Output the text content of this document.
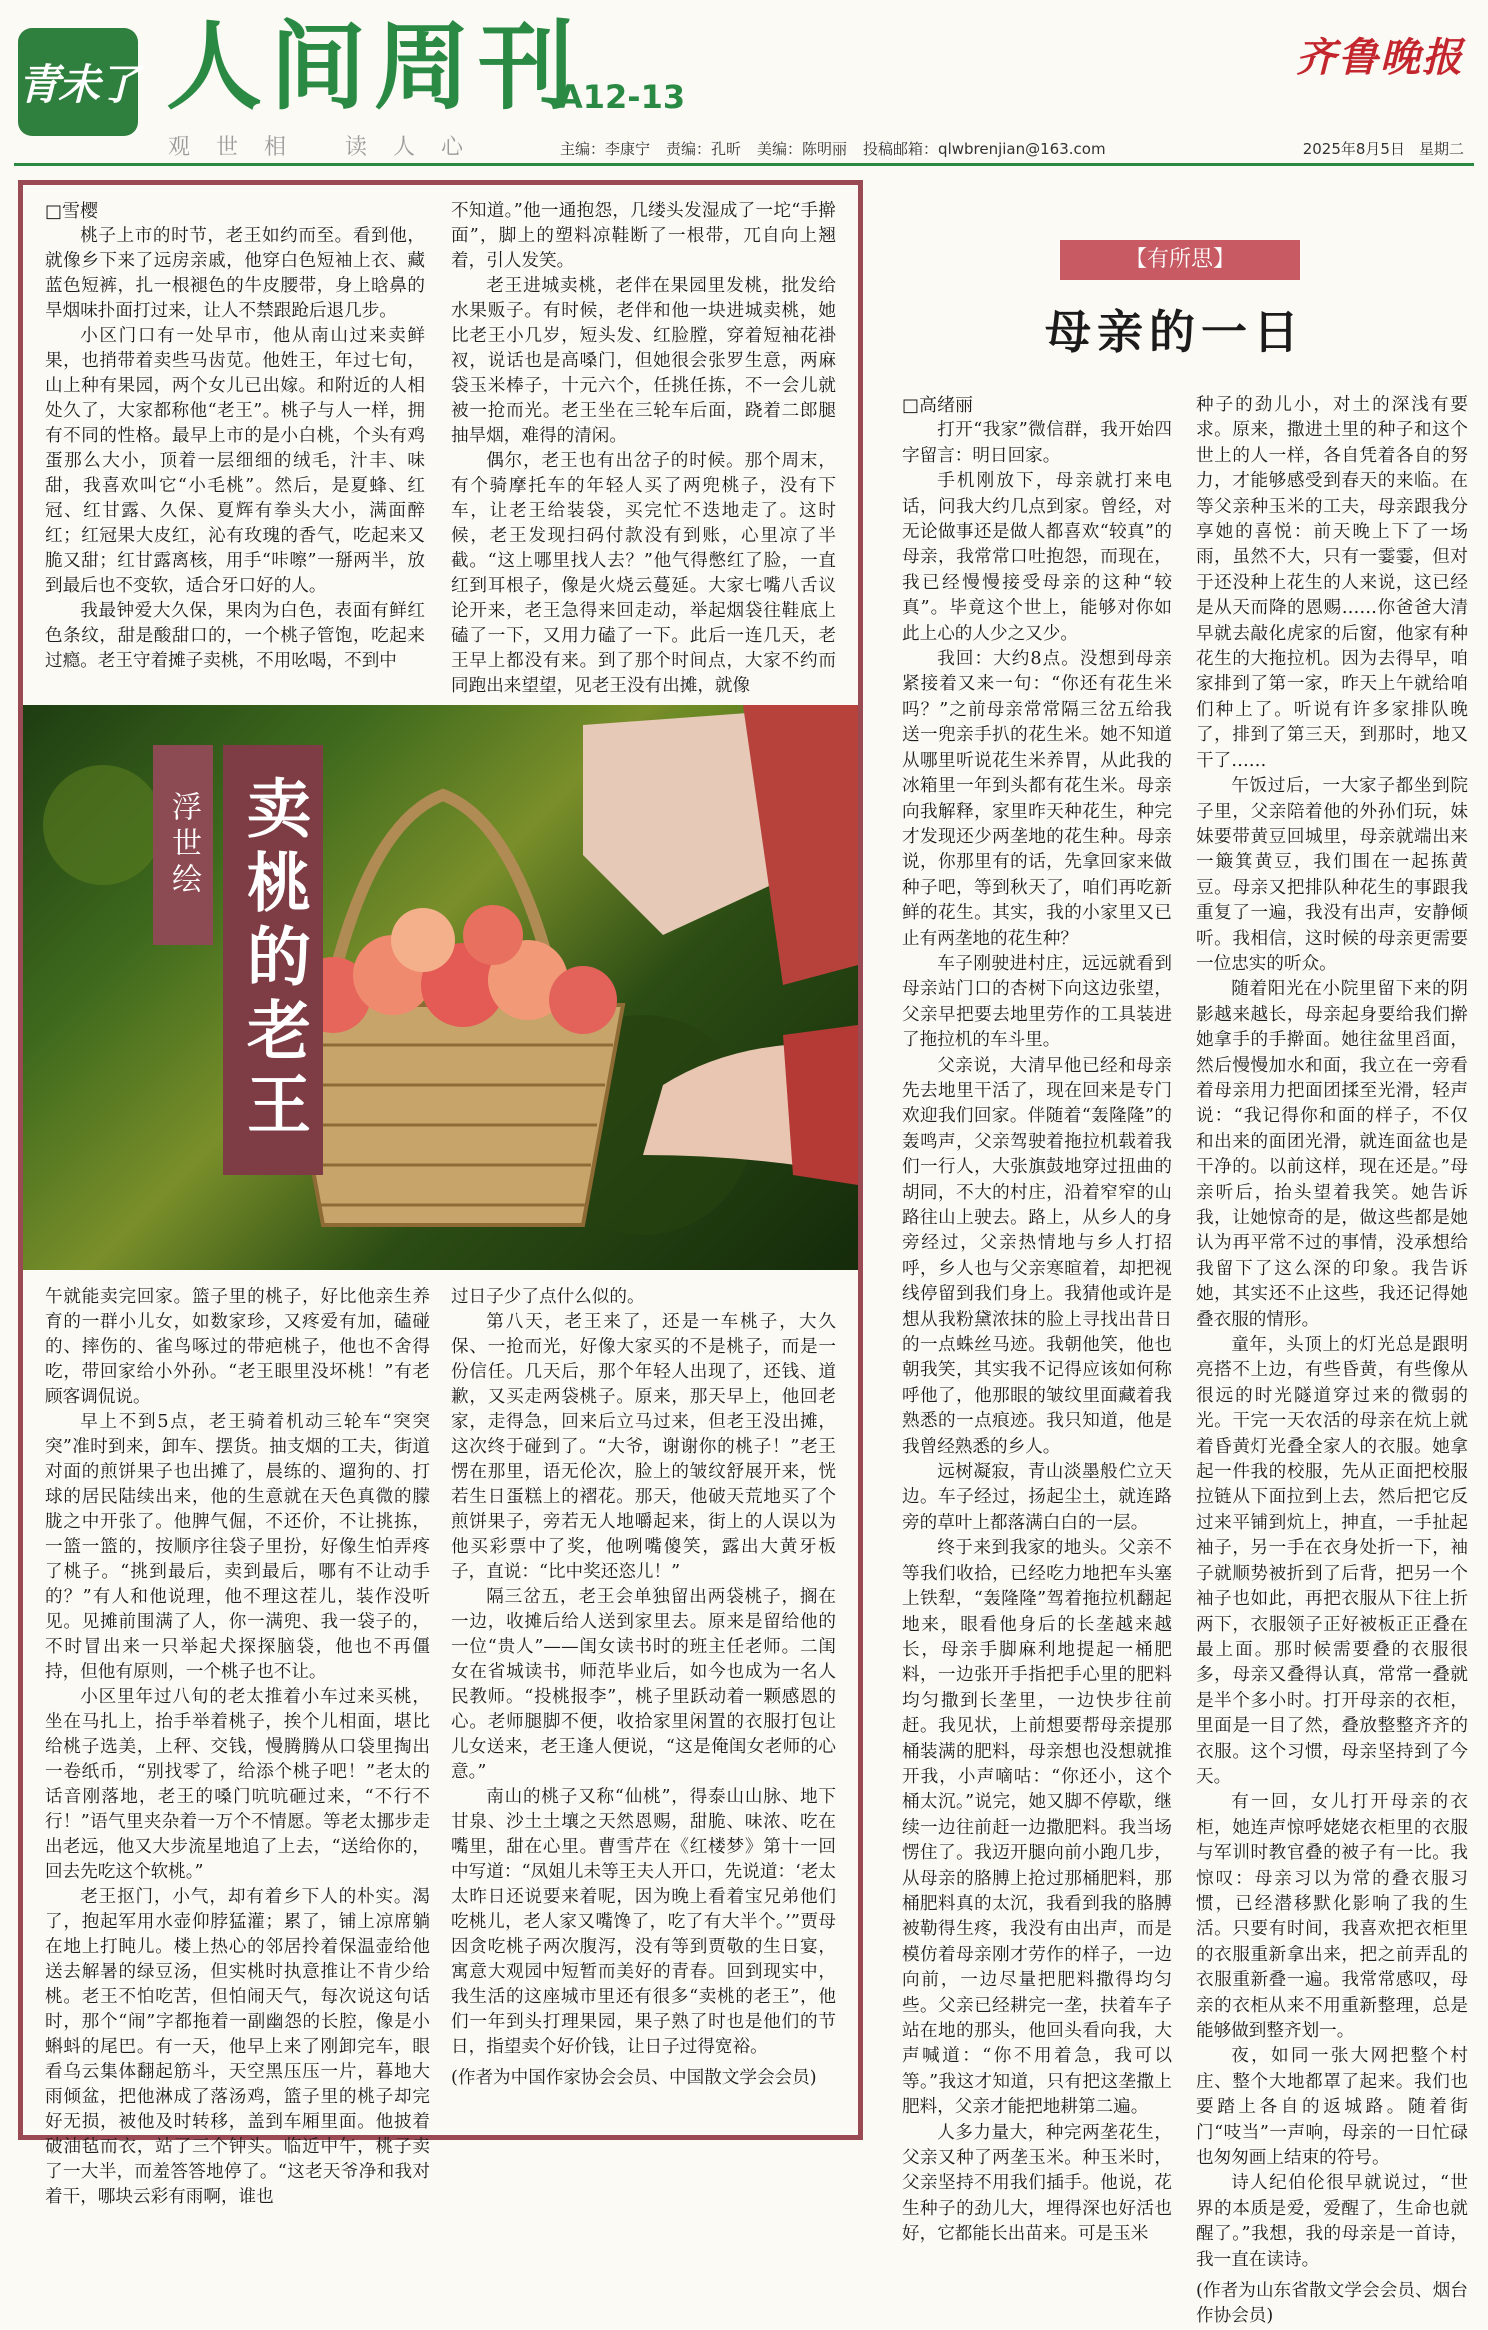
青未了 人间周刊
A12-13
观世相 读人心	主编：李康宁 责编：孔昕 美编：陈明丽 投稿邮箱：qlwbrenjian@163.com
齐鲁晚报
2025年8月5日 星期二

□雪樱

桃子上市的时节，老王如约而至。看到他，就像乡下来了远房亲戚，他穿白色短袖上衣、藏蓝色短裤，扎一根褪色的牛皮腰带，身上晗鼻的旱烟味扑面打过来，让人不禁跟跄后退几步。

小区门口有一处早市，他从南山过来卖鲜果，也捎带着卖些马齿苋。他姓王，年过七旬，山上种有果园，两个女儿已出嫁。和附近的人相处久了，大家都称他“老王”。桃子与人一样，拥有不同的性格。最早上市的是小白桃，个头有鸡蛋那么大小，顶着一层细细的绒毛，汁丰、味甜，我喜欢叫它“小毛桃”。然后，是夏蜂、红冠、红甘露、久保、夏辉有拳头大小，满面醉红；红冠果大皮红，沁有玫瑰的香气，吃起来又脆又甜；红甘露离核，用手“咔嚓”一掰两半，放到最后也不变软，适合牙口好的人。

我最钟爱大久保，果肉为白色，表面有鲜红色条纹，甜是酸甜口的，一个桃子管饱，吃起来过瘾。老王守着摊子卖桃，不用吆喝，不到中

不知道。”他一通抱怨，几缕头发湿成了一坨“手擀面”，脚上的塑料凉鞋断了一根带，兀自向上翘着，引人发笑。

老王进城卖桃，老伴在果园里发桃，批发给水果贩子。有时候，老伴和他一块进城卖桃，她比老王小几岁，短头发、红脸膛，穿着短袖花褂衩，说话也是高嗓门，但她很会张罗生意，两麻袋玉米棒子，十元六个，任挑任拣，不一会儿就被一抢而光。老王坐在三轮车后面，跷着二郎腿抽旱烟，难得的清闲。

偶尔，老王也有出岔子的时候。那个周末，有个骑摩托车的年轻人买了两兜桃子，没有下车，让老王给装袋，买完忙不迭地走了。这时候，老王发现扫码付款没有到账，心里凉了半截。“这上哪里找人去？”他气得憋红了脸，一直红到耳根子，像是火烧云蔓延。大家七嘴八舌议论开来，老王急得来回走动，举起烟袋往鞋底上磕了一下，又用力磕了一下。此后一连几天，老王早上都没有来。到了那个时间点，大家不约而同跑出来望望，见老王没有出摊，就像

浮世绘 卖桃的老王

午就能卖完回家。篮子里的桃子，好比他亲生养育的一群小儿女，如数家珍，又疼爱有加，磕碰的、摔伤的、雀鸟啄过的带疤桃子，他也不舍得吃，带回家给小外孙。“老王眼里没坏桃！”有老顾客调侃说。

早上不到5点，老王骑着机动三轮车“突突突”准时到来，卸车、摆货。抽支烟的工夫，街道对面的煎饼果子也出摊了，晨练的、遛狗的、打球的居民陆续出来，他的生意就在天色真微的朦胧之中开张了。他脾气倔，不还价，不让挑拣，一篮一篮的，按顺序往袋子里扮，好像生怕弄疼了桃子。“挑到最后，卖到最后，哪有不让动手的？”有人和他说理，他不理这茬儿，装作没听见。见摊前围满了人，你一满兜、我一袋子的，不时冒出来一只举起犬探探脑袋，他也不再僵持，但他有原则，一个桃子也不让。

小区里年过八旬的老太推着小车过来买桃，坐在马扎上，抬手举着桃子，挨个儿相面，堪比给桃子选美，上秤、交钱，慢腾腾从口袋里掏出一卷纸币，“别找零了，给添个桃子吧！”老太的话音刚落地，老王的嗓门吭吭砸过来，“不行不行！”语气里夹杂着一万个不情愿。等老太挪步走出老远，他又大步流星地追了上去，“送给你的，回去先吃这个软桃。”

老王抠门，小气，却有着乡下人的朴实。渴了，抱起军用水壶仰脖猛灌；累了，铺上凉席躺在地上打盹儿。楼上热心的邻居拎着保温壶给他送去解暑的绿豆汤，但实桃时执意推让不肯少给桃。老王不怕吃苦，但怕闹天气，每次说这句话时，那个“闹”字都拖着一副幽怨的长腔，像是小蝌蚪的尾巴。有一天，他早上来了刚卸完车，眼看乌云集体翻起筋斗，天空黑压压一片，暮地大雨倾盆，把他淋成了落汤鸡，篮子里的桃子却完好无损，被他及时转移，盖到车厢里面。他披着破油毡而衣，站了三个钟头。临近中午，桃子卖了一大半，而羞答答地停了。“这老天爷净和我对着干，哪块云彩有雨啊，谁也

过日子少了点什么似的。

第八天，老王来了，还是一车桃子，大久保、一抢而光，好像大家买的不是桃子，而是一份信任。几天后，那个年轻人出现了，还钱、道歉，又买走两袋桃子。原来，那天早上，他回老家，走得急，回来后立马过来，但老王没出摊，这次终于碰到了。“大爷，谢谢你的桃子！”老王愣在那里，语无伦次，脸上的皱纹舒展开来，恍若生日蛋糕上的褶花。那天，他破天荒地买了个煎饼果子，旁若无人地嚼起来，街上的人误以为他买彩票中了奖，他咧嘴傻笑，露出大黄牙板子，直说：“比中奖还恣儿！”

隔三岔五，老王会单独留出两袋桃子，搁在一边，收摊后给人送到家里去。原来是留给他的一位“贵人”——闺女读书时的班主任老师。二闺女在省城读书，师范毕业后，如今也成为一名人民教师。“投桃报李”，桃子里跃动着一颗感恩的心。老师腿脚不便，收拾家里闲置的衣服打包让儿女送来，老王逢人便说，“这是俺闺女老师的心意。”

南山的桃子又称“仙桃”，得泰山山脉、地下甘泉、沙土土壤之天然恩赐，甜脆、味浓、吃在嘴里，甜在心里。曹雪芹在《红楼梦》第十一回中写道：“凤姐儿未等王夫人开口，先说道：‘老太太昨日还说要来着呢，因为晚上看着宝兄弟他们吃桃儿，老人家又嘴馋了，吃了有大半个。’”贾母因贪吃桃子两次腹泻，没有等到贾敬的生日宴，寓意大观园中短暂而美好的青春。回到现实中，我生活的这座城市里还有很多“卖桃的老王”，他们一年到头打理果园，果子熟了时也是他们的节日，指望卖个好价钱，让日子过得宽裕。

(作者为中国作家协会会员、中国散文学会会员)

【有所思】
母亲的一日

□高绪丽

打开“我家”微信群，我开始四字留言：明日回家。

手机刚放下，母亲就打来电话，问我大约几点到家。曾经，对无论做事还是做人都喜欢“较真”的母亲，我常常口吐抱怨，而现在，我已经慢慢接受母亲的这种“较真”。毕竟这个世上，能够对你如此上心的人少之又少。

我回：大约8点。没想到母亲紧接着又来一句：“你还有花生米吗？”之前母亲常常隔三岔五给我送一兜亲手扒的花生米。她不知道从哪里听说花生米养胃，从此我的冰箱里一年到头都有花生米。母亲向我解释，家里昨天种花生，种完才发现还少两垄地的花生种。母亲说，你那里有的话，先拿回家来做种子吧，等到秋天了，咱们再吃新鲜的花生。其实，我的小家里又已止有两垄地的花生种？

车子刚驶进村庄，远远就看到母亲站门口的杏树下向这边张望，父亲早把要去地里劳作的工具装进了拖拉机的车斗里。

父亲说，大清早他已经和母亲先去地里干活了，现在回来是专门欢迎我们回家。伴随着“轰隆隆”的轰鸣声，父亲驾驶着拖拉机载着我们一行人，大张旗鼓地穿过扭曲的胡同，不大的村庄，沿着窄窄的山路往山上驶去。路上，从乡人的身旁经过，父亲热情地与乡人打招呼，乡人也与父亲寒暄着，却把视线停留到我们身上。我猜他或许是想从我粉黛浓抹的脸上寻找出昔日的一点蛛丝马迹。我朝他笑，他也朝我笑，其实我不记得应该如何称呼他了，他那眼的皱纹里面藏着我熟悉的一点痕迹。我只知道，他是我曾经熟悉的乡人。

远树凝寂，青山淡墨般伫立天边。车子经过，扬起尘土，就连路旁的草叶上都落满白白的一层。

终于来到我家的地头。父亲不等我们收拾，已经吃力地把车头塞上铁犁，“轰隆隆”驾着拖拉机翻起地来，眼看他身后的长垄越来越长，母亲手脚麻利地提起一桶肥料，一边张开手指把手心里的肥料均匀撒到长垄里，一边快步往前赶。我见状，上前想要帮母亲提那桶装满的肥料，母亲想也没想就推开我，小声嘀咕：“你还小，这个桶太沉。”说完，她又脚不停歇，继续一边往前赶一边撒肥料。我当场愣住了。我迈开腿向前小跑几步，从母亲的胳膊上抢过那桶肥料，那桶肥料真的太沉，我看到我的胳膊被勒得生疼，我没有由出声，而是模仿着母亲刚才劳作的样子，一边向前，一边尽量把肥料撒得均匀些。父亲已经耕完一垄，扶着车子站在地的那头，他回头看向我，大声喊道：“你不用着急，我可以等。”我这才知道，只有把这垄撒上肥料，父亲才能把地耕第二遍。

人多力量大，种完两垄花生，父亲又种了两垄玉米。种玉米时，父亲坚持不用我们插手。他说，花生种子的劲儿大，埋得深也好活也好，它都能长出苗来。可是玉米

种子的劲儿小，对土的深浅有要求。原来，撒进土里的种子和这个世上的人一样，各自凭着各自的努力，才能够感受到春天的来临。在等父亲种玉米的工夫，母亲跟我分享她的喜悦：前天晚上下了一场雨，虽然不大，只有一霎霎，但对于还没种上花生的人来说，这已经是从天而降的恩赐……你爸爸大清早就去敲化虎家的后窗，他家有种花生的大拖拉机。因为去得早，咱家排到了第一家，昨天上午就给咱们种上了。听说有许多家排队晚了，排到了第三天，到那时，地又干了……

午饭过后，一大家子都坐到院子里，父亲陪着他的外孙们玩，妹妹要带黄豆回城里，母亲就端出来一簸箕黄豆，我们围在一起拣黄豆。母亲又把排队种花生的事跟我重复了一遍，我没有出声，安静倾听。我相信，这时候的母亲更需要一位忠实的听众。

随着阳光在小院里留下来的阴影越来越长，母亲起身要给我们擀她拿手的手擀面。她往盆里舀面，然后慢慢加水和面，我立在一旁看着母亲用力把面团揉至光滑，轻声说：“我记得你和面的样子，不仅和出来的面团光滑，就连面盆也是干净的。以前这样，现在还是。”母亲听后，抬头望着我笑。她告诉我，让她惊奇的是，做这些都是她认为再平常不过的事情，没承想给我留下了这么深的印象。我告诉她，其实还不止这些，我还记得她叠衣服的情形。

童年，头顶上的灯光总是跟明亮搭不上边，有些昏黄，有些像从很远的时光隧道穿过来的微弱的光。干完一天农活的母亲在炕上就着昏黄灯光叠全家人的衣服。她拿起一件我的校服，先从正面把校服拉链从下面拉到上去，然后把它反过来平铺到炕上，抻直，一手扯起袖子，另一手在衣身处折一下，袖子就顺势被折到了后背，把另一个袖子也如此，再把衣服从下往上折两下，衣服领子正好被板正正叠在最上面。那时候需要叠的衣服很多，母亲又叠得认真，常常一叠就是半个多小时。打开母亲的衣柜，里面是一目了然，叠放整整齐齐的衣服。这个习惯，母亲坚持到了今天。

有一回，女儿打开母亲的衣柜，她连声惊呼姥姥衣柜里的衣服与军训时教官叠的被子有一比。我惊叹：母亲习以为常的叠衣服习惯，已经潜移默化影响了我的生活。只要有时间，我喜欢把衣柜里的衣服重新拿出来，把之前弄乱的衣服重新叠一遍。我常常感叹，母亲的衣柜从来不用重新整理，总是能够做到整齐划一。

夜，如同一张大网把整个村庄、整个大地都罩了起来。我们也要踏上各自的返城路。随着街门“吱当”一声响，母亲的一日忙碌也匆匆画上结束的符号。

诗人纪伯伦很早就说过，“世界的本质是爱，爱醒了，生命也就醒了。”我想，我的母亲是一首诗，我一直在读诗。

(作者为山东省散文学会会员、烟台作协会员)
